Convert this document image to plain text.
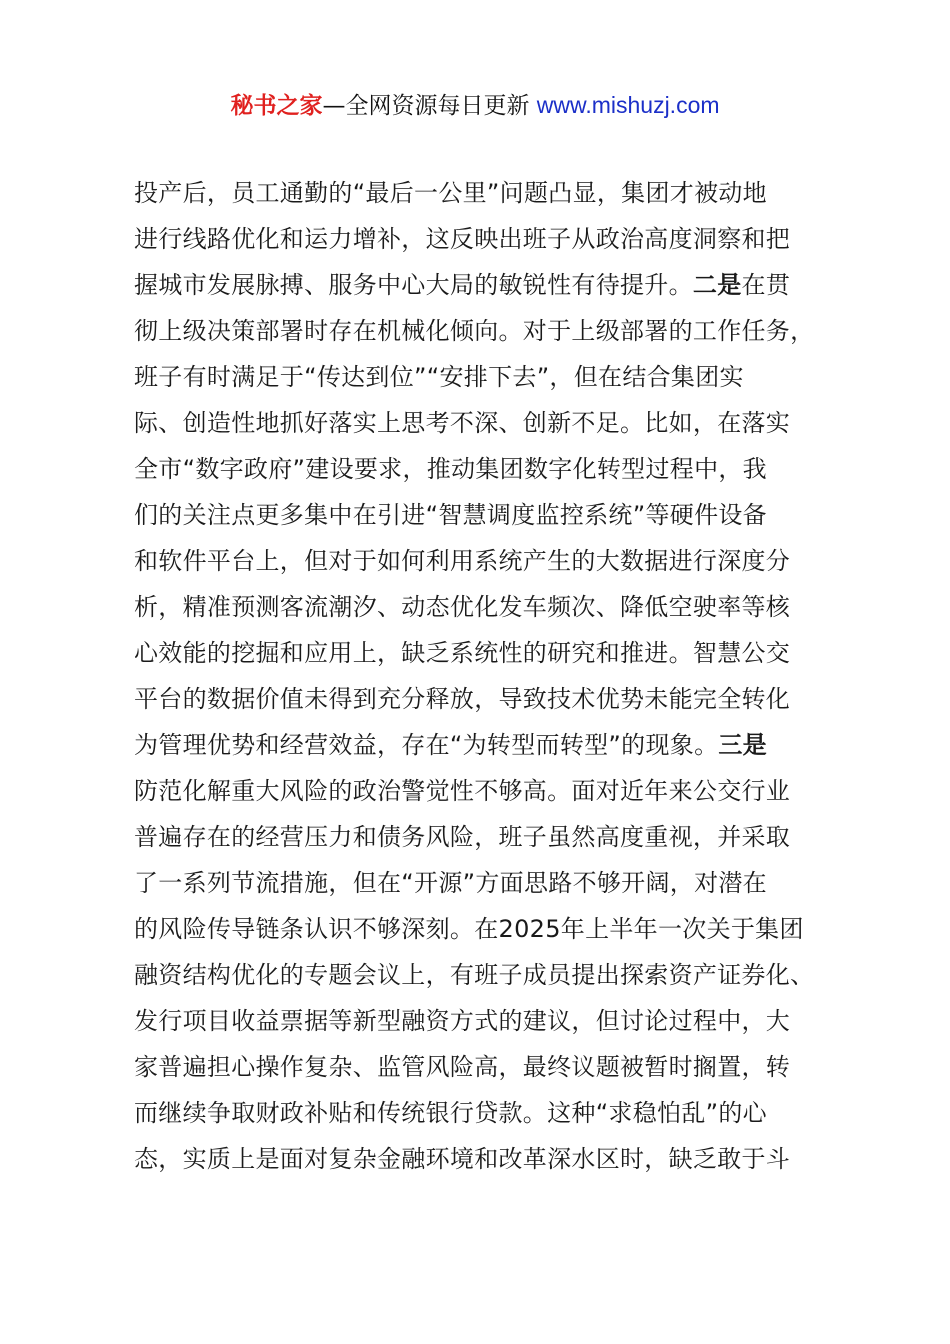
秘书之家—全网资源每日更新 www.mishuzj.com
投产后，员工通勤的“最后一公里”问题凸显，集团才被动地
进行线路优化和运力增补，这反映出班子从政治高度洞察和把
握城市发展脉搏、服务中心大局的敏锐性有待提升。二是在贯
彻上级决策部署时存在机械化倾向。对于上级部署的工作任务，
班子有时满足于“传达到位”“安排下去”，但在结合集团实
际、创造性地抓好落实上思考不深、创新不足。比如，在落实
全市“数字政府”建设要求，推动集团数字化转型过程中，我
们的关注点更多集中在引进“智慧调度监控系统”等硬件设备
和软件平台上，但对于如何利用系统产生的大数据进行深度分
析，精准预测客流潮汐、动态优化发车频次、降低空驶率等核
心效能的挖掘和应用上，缺乏系统性的研究和推进。智慧公交
平台的数据价值未得到充分释放，导致技术优势未能完全转化
为管理优势和经营效益，存在“为转型而转型”的现象。三是
防范化解重大风险的政治警觉性不够高。面对近年来公交行业
普遍存在的经营压力和债务风险，班子虽然高度重视，并采取
了一系列节流措施，但在“开源”方面思路不够开阔，对潜在
的风险传导链条认识不够深刻。在2025年上半年一次关于集团
融资结构优化的专题会议上，有班子成员提出探索资产证券化、
发行项目收益票据等新型融资方式的建议，但讨论过程中，大
家普遍担心操作复杂、监管风险高，最终议题被暂时搁置，转
而继续争取财政补贴和传统银行贷款。这种“求稳怕乱”的心
态，实质上是面对复杂金融环境和改革深水区时，缺乏敢于斗
